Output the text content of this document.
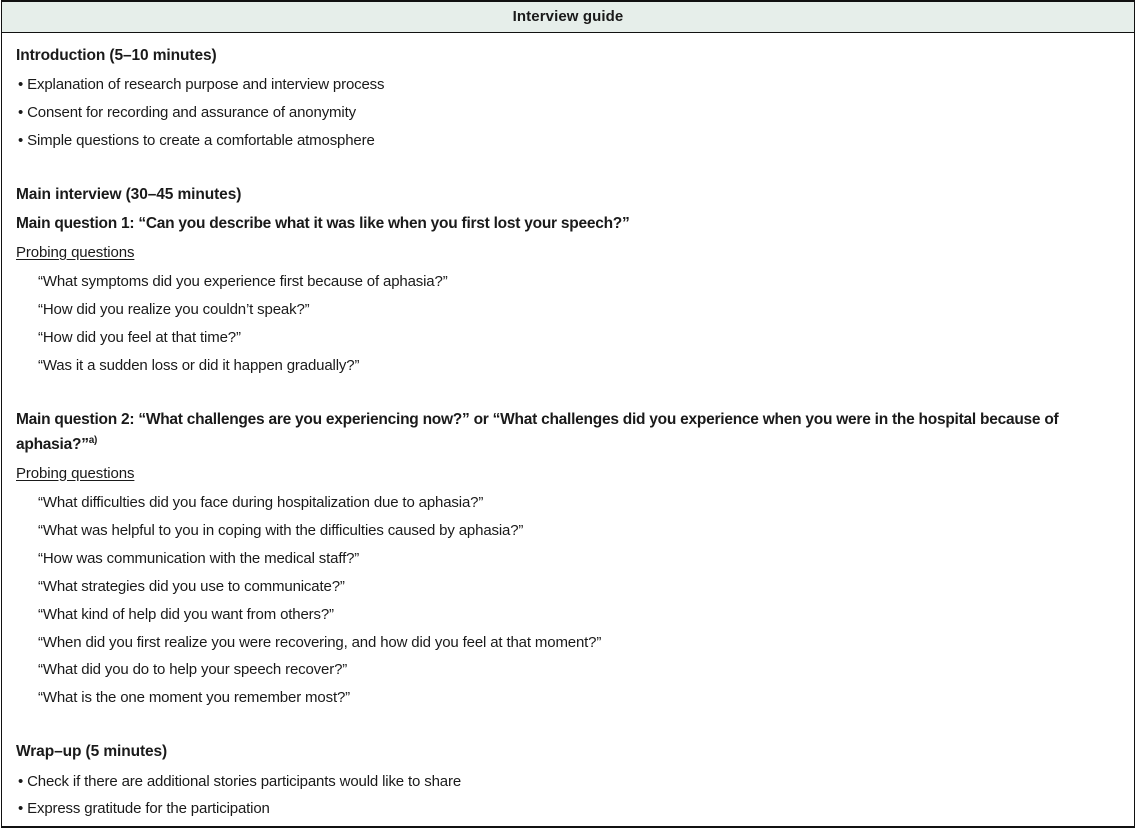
Interview guide
Introduction (5–10 minutes)
• Explanation of research purpose and interview process
• Consent for recording and assurance of anonymity
• Simple questions to create a comfortable atmosphere
Main interview (30–45 minutes)
Main question 1: “Can you describe what it was like when you first lost your speech?”
Probing questions
“What symptoms did you experience first because of aphasia?”
“How did you realize you couldn’t speak?”
“How did you feel at that time?”
“Was it a sudden loss or did it happen gradually?”
Main question 2: “What challenges are you experiencing now?” or “What challenges did you experience when you were in the hospital because of aphasia?”$^{a)}$
Probing questions
“What difficulties did you face during hospitalization due to aphasia?”
“What was helpful to you in coping with the difficulties caused by aphasia?”
“How was communication with the medical staff?”
“What strategies did you use to communicate?”
“What kind of help did you want from others?”
“When did you first realize you were recovering, and how did you feel at that moment?”
“What did you do to help your speech recover?”
“What is the one moment you remember most?”
Wrap–up (5 minutes)
• Check if there are additional stories participants would like to share
• Express gratitude for the participation
